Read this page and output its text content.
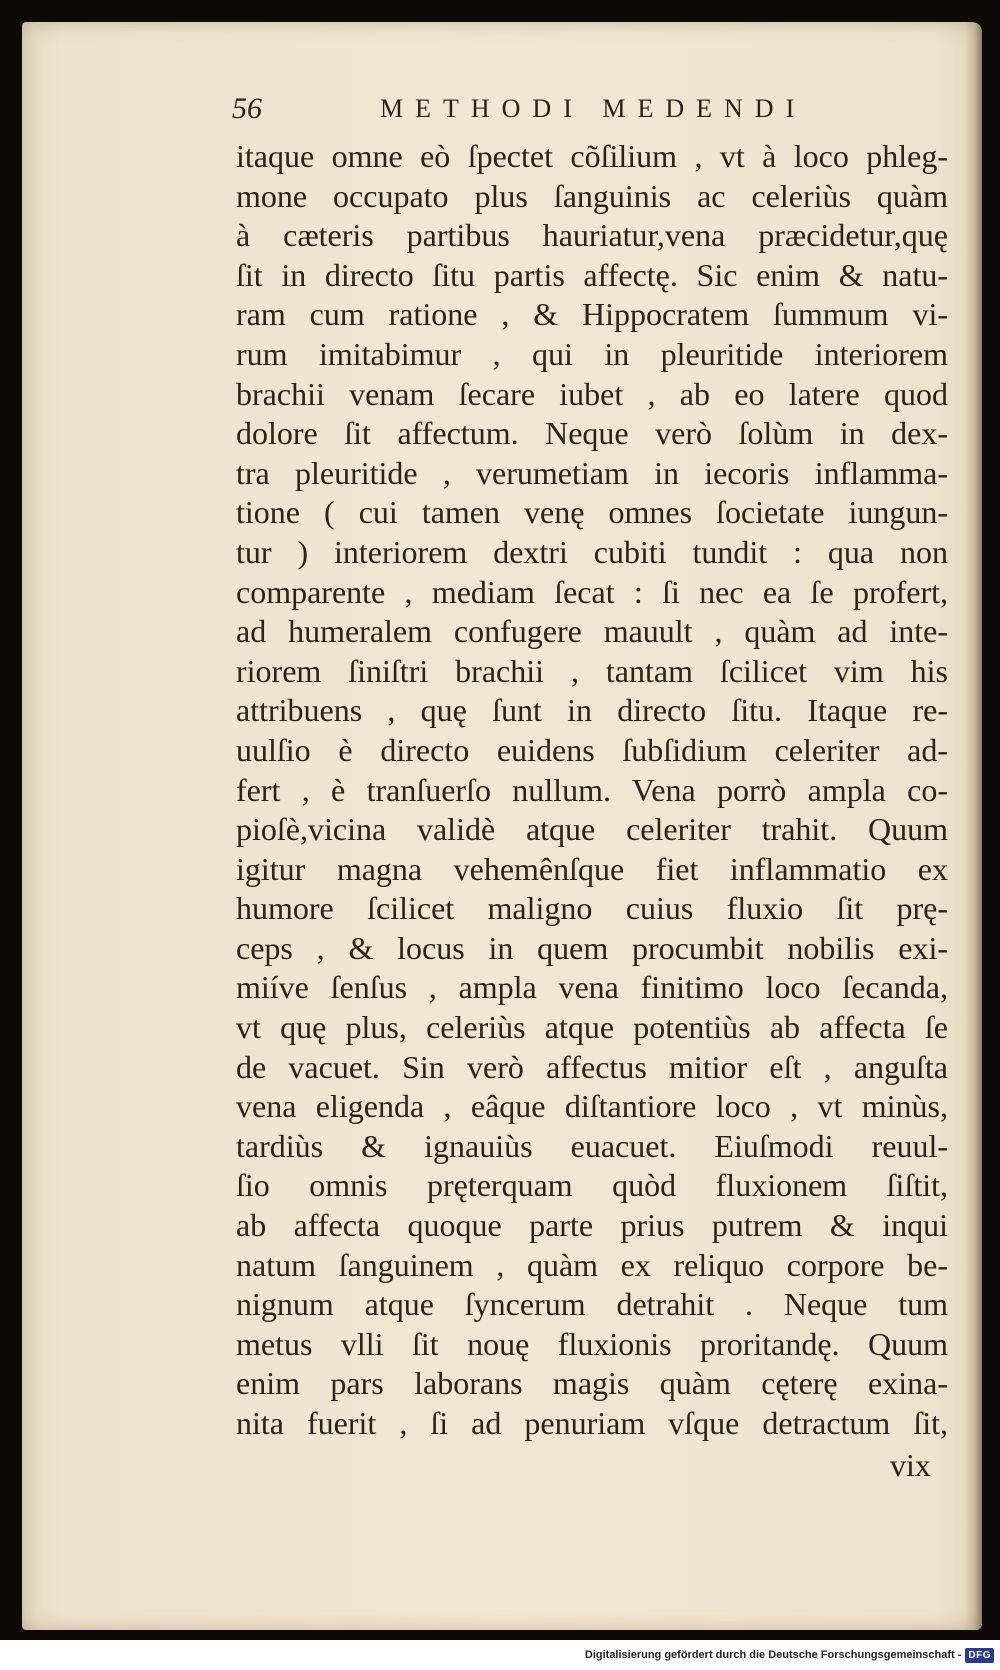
56	METHODI MEDENDI
itaque omne eò ſpectet cõſilium , vt à loco phleg-
mone occupato plus ſanguinis ac celeriùs quàm
à cæteris partibus hauriatur,vena præcidetur,quę
ſit in directo ſitu partis affectę. Sic enim & natu-
ram cum ratione , & Hippocratem ſummum vi-
rum imitabimur , qui in pleuritide interiorem
brachii venam ſecare iubet , ab eo latere quod
dolore ſit affectum. Neque verò ſolùm in dex-
tra pleuritide , verumetiam in iecoris inflamma-
tione ( cui tamen venę omnes ſocietate iungun-
tur ) interiorem dextri cubiti tundit : qua non
comparente , mediam ſecat : ſi nec ea ſe profert,
ad humeralem confugere mauult , quàm ad inte-
riorem ſiniſtri brachii , tantam ſcilicet vim his
attribuens , quę ſunt in directo ſitu. Itaque re-
uulſio è directo euidens ſubſidium celeriter ad-
fert , è tranſuerſo nullum. Vena porrò ampla co-
pioſè,vicina validè atque celeriter trahit. Quum
igitur magna vehemênſque fiet inflammatio ex
humore ſcilicet maligno cuius fluxio ſit prę-
ceps , & locus in quem procumbit nobilis exi-
miíve ſenſus , ampla vena finitimo loco ſecanda,
vt quę plus, celeriùs atque potentiùs ab affecta ſe
de vacuet. Sin verò affectus mitior eſt , anguſta
vena eligenda , eâque diſtantiore loco , vt minùs,
tardiùs & ignauiùs euacuet. Eiuſmodi reuul-
ſio omnis pręterquam quòd fluxionem ſiſtit,
ab affecta quoque parte prius putrem & inqui
natum ſanguinem , quàm ex reliquo corpore be-
nignum atque ſyncerum detrahit . Neque tum
metus vlli ſit nouę fluxionis proritandę. Quum
enim pars laborans magis quàm cęterę exina-
nita fuerit , ſi ad penuriam vſque detractum ſit,
vix
Digitalisierung gefördert durch die Deutsche Forschungsgemeinschaft - DFG
